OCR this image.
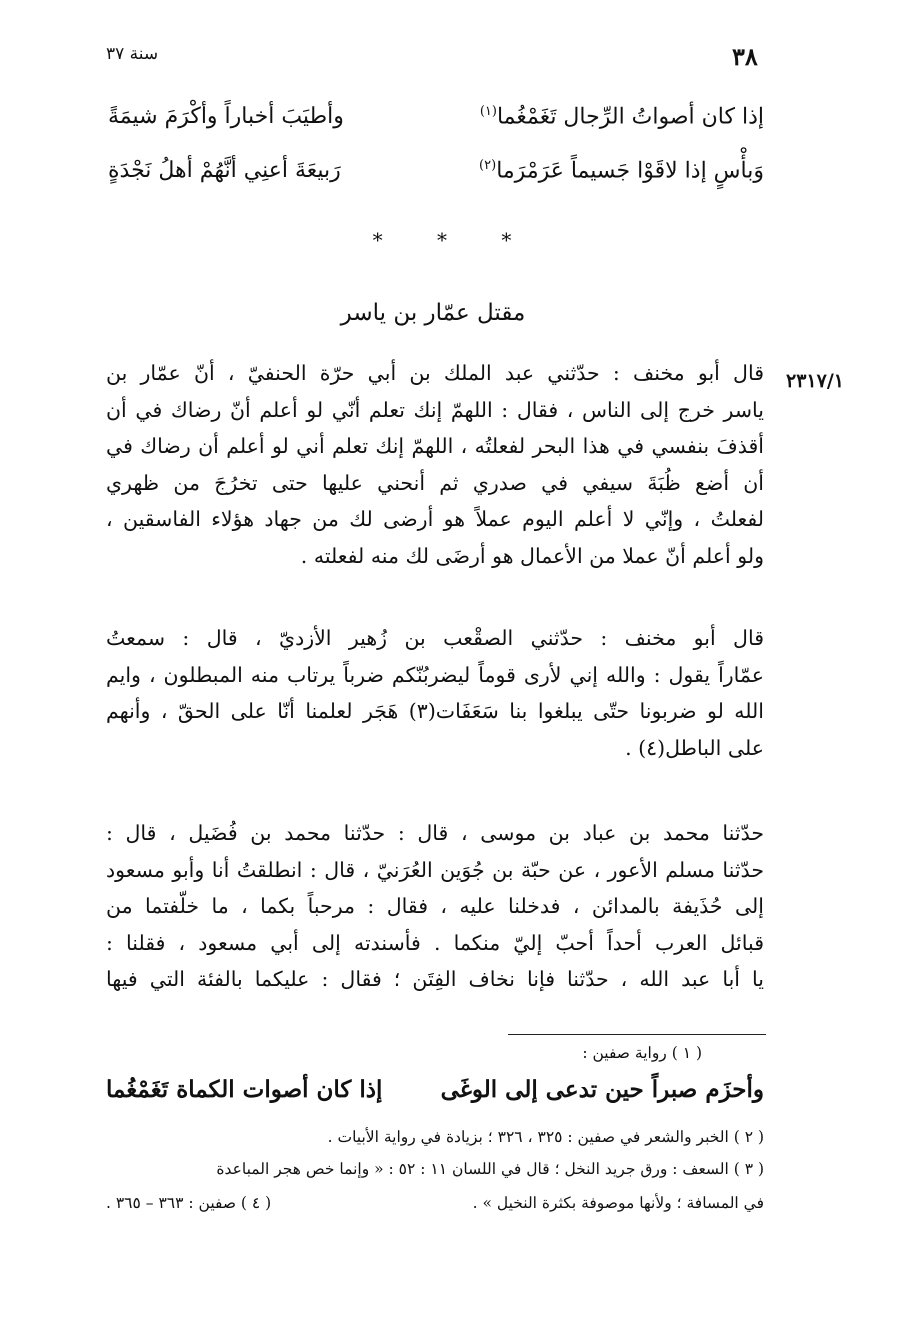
٣٨
سنة ٣٧
إذا كان أصواتُ الرِّجال تَغَمْغُما$^{(١)}$
وأطيَبَ أخباراً وأكْرَمَ شيمَةً
وَبأْسٍ إذا لاقَوْا جَسيماً عَرَمْرَما$^{(٢)}$
رَبيعَةَ أعنِي أنَّهُمْ أهلُ نَجْدَةٍ
* * *
مقتل عمّار بن ياسر
٢٣١٧/١

قال أبو مخنف : حدّثني عبد الملك بن أبي حرّة الحنفيّ ، أنّ عمّار بن
ياسر خرج إلى الناس ، فقال : اللهمّ إنك تعلم أنّي لو أعلم أنّ رضاك في أن
أقذفَ بنفسي في هذا البحر لفعلتُه ، اللهمّ إنك تعلم أني لو أعلم أن رضاك في
أن أضع ظُبَةَ سيفي في صدري ثم أنحني عليها حتى تخرُجَ من ظهري
لفعلتُ ، وإنّي لا أعلم اليوم عملاً هو أرضى لك من جهاد هؤلاء الفاسقين ،
ولو أعلم أنّ عملا من الأعمال هو أرضَى لك منه لفعلته .

قال أبو مخنف : حدّثني الصقْعب بن زُهير الأزديّ ، قال : سمعتُ
عمّاراً يقول : والله إني لأرى قوماً ليضربُنّكم ضرباً يرتاب منه المبطلون ، وايم
الله لو ضربونا حتّى يبلغوا بنا سَعَفَات(٣) هَجَر لعلمنا أنّا على الحقّ ، وأنهم
على الباطل(٤) .

حدّثنا محمد بن عباد بن موسى ، قال : حدّثنا محمد بن فُضَيل ، قال :
حدّثنا مسلم الأعور ، عن حبّة بن جُوَين العُرَنيّ ، قال : انطلقتُ أنا وأبو مسعود
إلى حُذَيفة بالمدائن ، فدخلنا عليه ، فقال : مرحباً بكما ، ما خلّفتما من
قبائل العرب أحداً أحبّ إليّ منكما . فأسندته إلى أبي مسعود ، فقلنا :
يا أبا عبد الله ، حدّثنا فإنا نخاف الفِتَن ؛ فقال : عليكما بالفئة التي فيها

( ١ ) رواية صفين :

وأحزَم صبراً حين تدعى إلى الوغَى
إذا كان أصوات الكماة تَغَمْغُما

( ٢ ) الخبر والشعر في صفين : ٣٢٥ ، ٣٢٦ ؛ بزيادة في رواية الأبيات .

( ٣ ) السعف : ورق جريد النخل ؛ قال في اللسان ١١ : ٥٢ : « وإنما خص هجر المباعدة

في المسافة ؛ ولأنها موصوفة بكثرة النخيل » .
( ٤ ) صفين : ٣٦٣ – ٣٦٥ .
